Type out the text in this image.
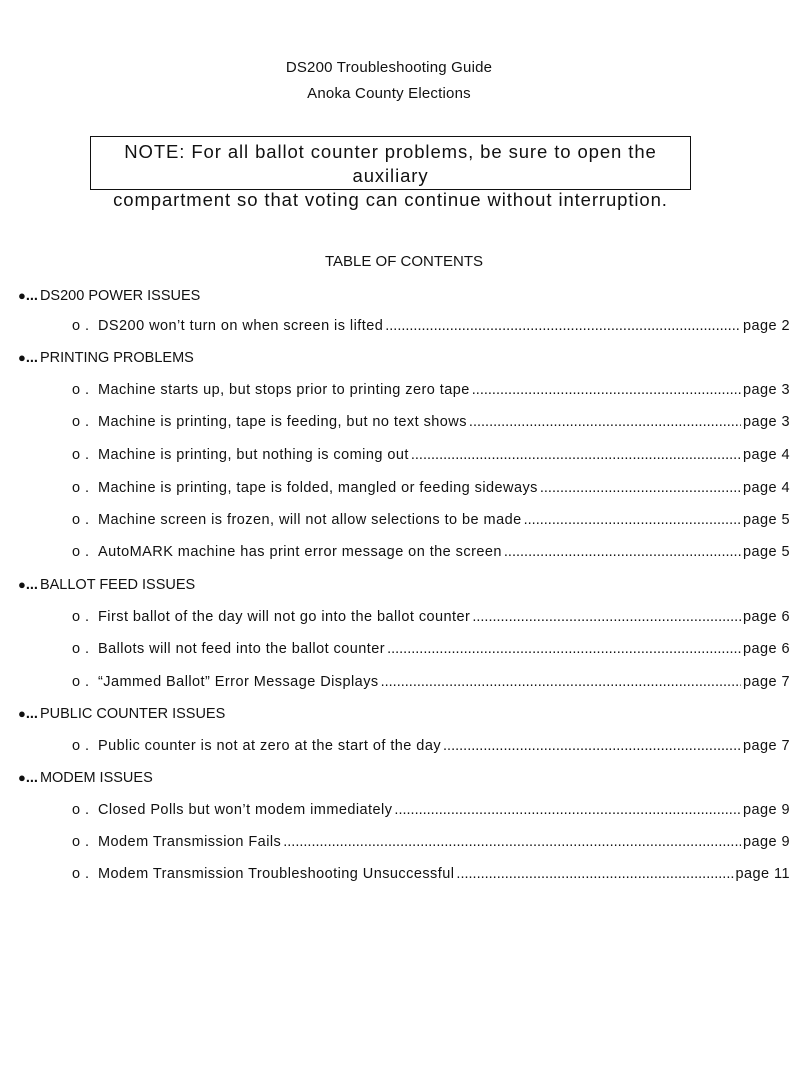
DS200 Troubleshooting Guide
Anoka County Elections
NOTE: For all ballot counter problems, be sure to open the auxiliary
compartment so that voting can continue without interruption.
TABLE OF CONTENTS
●... DS200 POWER ISSUES
o . DS200 won’t turn on when screen is lifted .....	page 2
●... PRINTING PROBLEMS
o . Machine starts up, but stops prior to printing zero tape .....	page 3
o . Machine is printing, tape is feeding, but no text shows .....	page 3
o . Machine is printing, but nothing is coming out .....	page 4
o . Machine is printing, tape is folded, mangled or feeding sideways .....	page 4
o . Machine screen is frozen, will not allow selections to be made .....	page 5
o . AutoMARK machine has print error message on the screen .....	page 5
●... BALLOT FEED ISSUES
o . First ballot of the day will not go into the ballot counter .....	page 6
o . Ballots will not feed into the ballot counter .....	page 6
o . “Jammed Ballot” Error Message Displays .....	page 7
●... PUBLIC COUNTER ISSUES
o . Public counter is not at zero at the start of the day .....	page 7
●... MODEM ISSUES
o . Closed Polls but won’t modem immediately .....	page 9
o . Modem Transmission Fails .....	page 9
o . Modem Transmission Troubleshooting Unsuccessful .....	page 11
